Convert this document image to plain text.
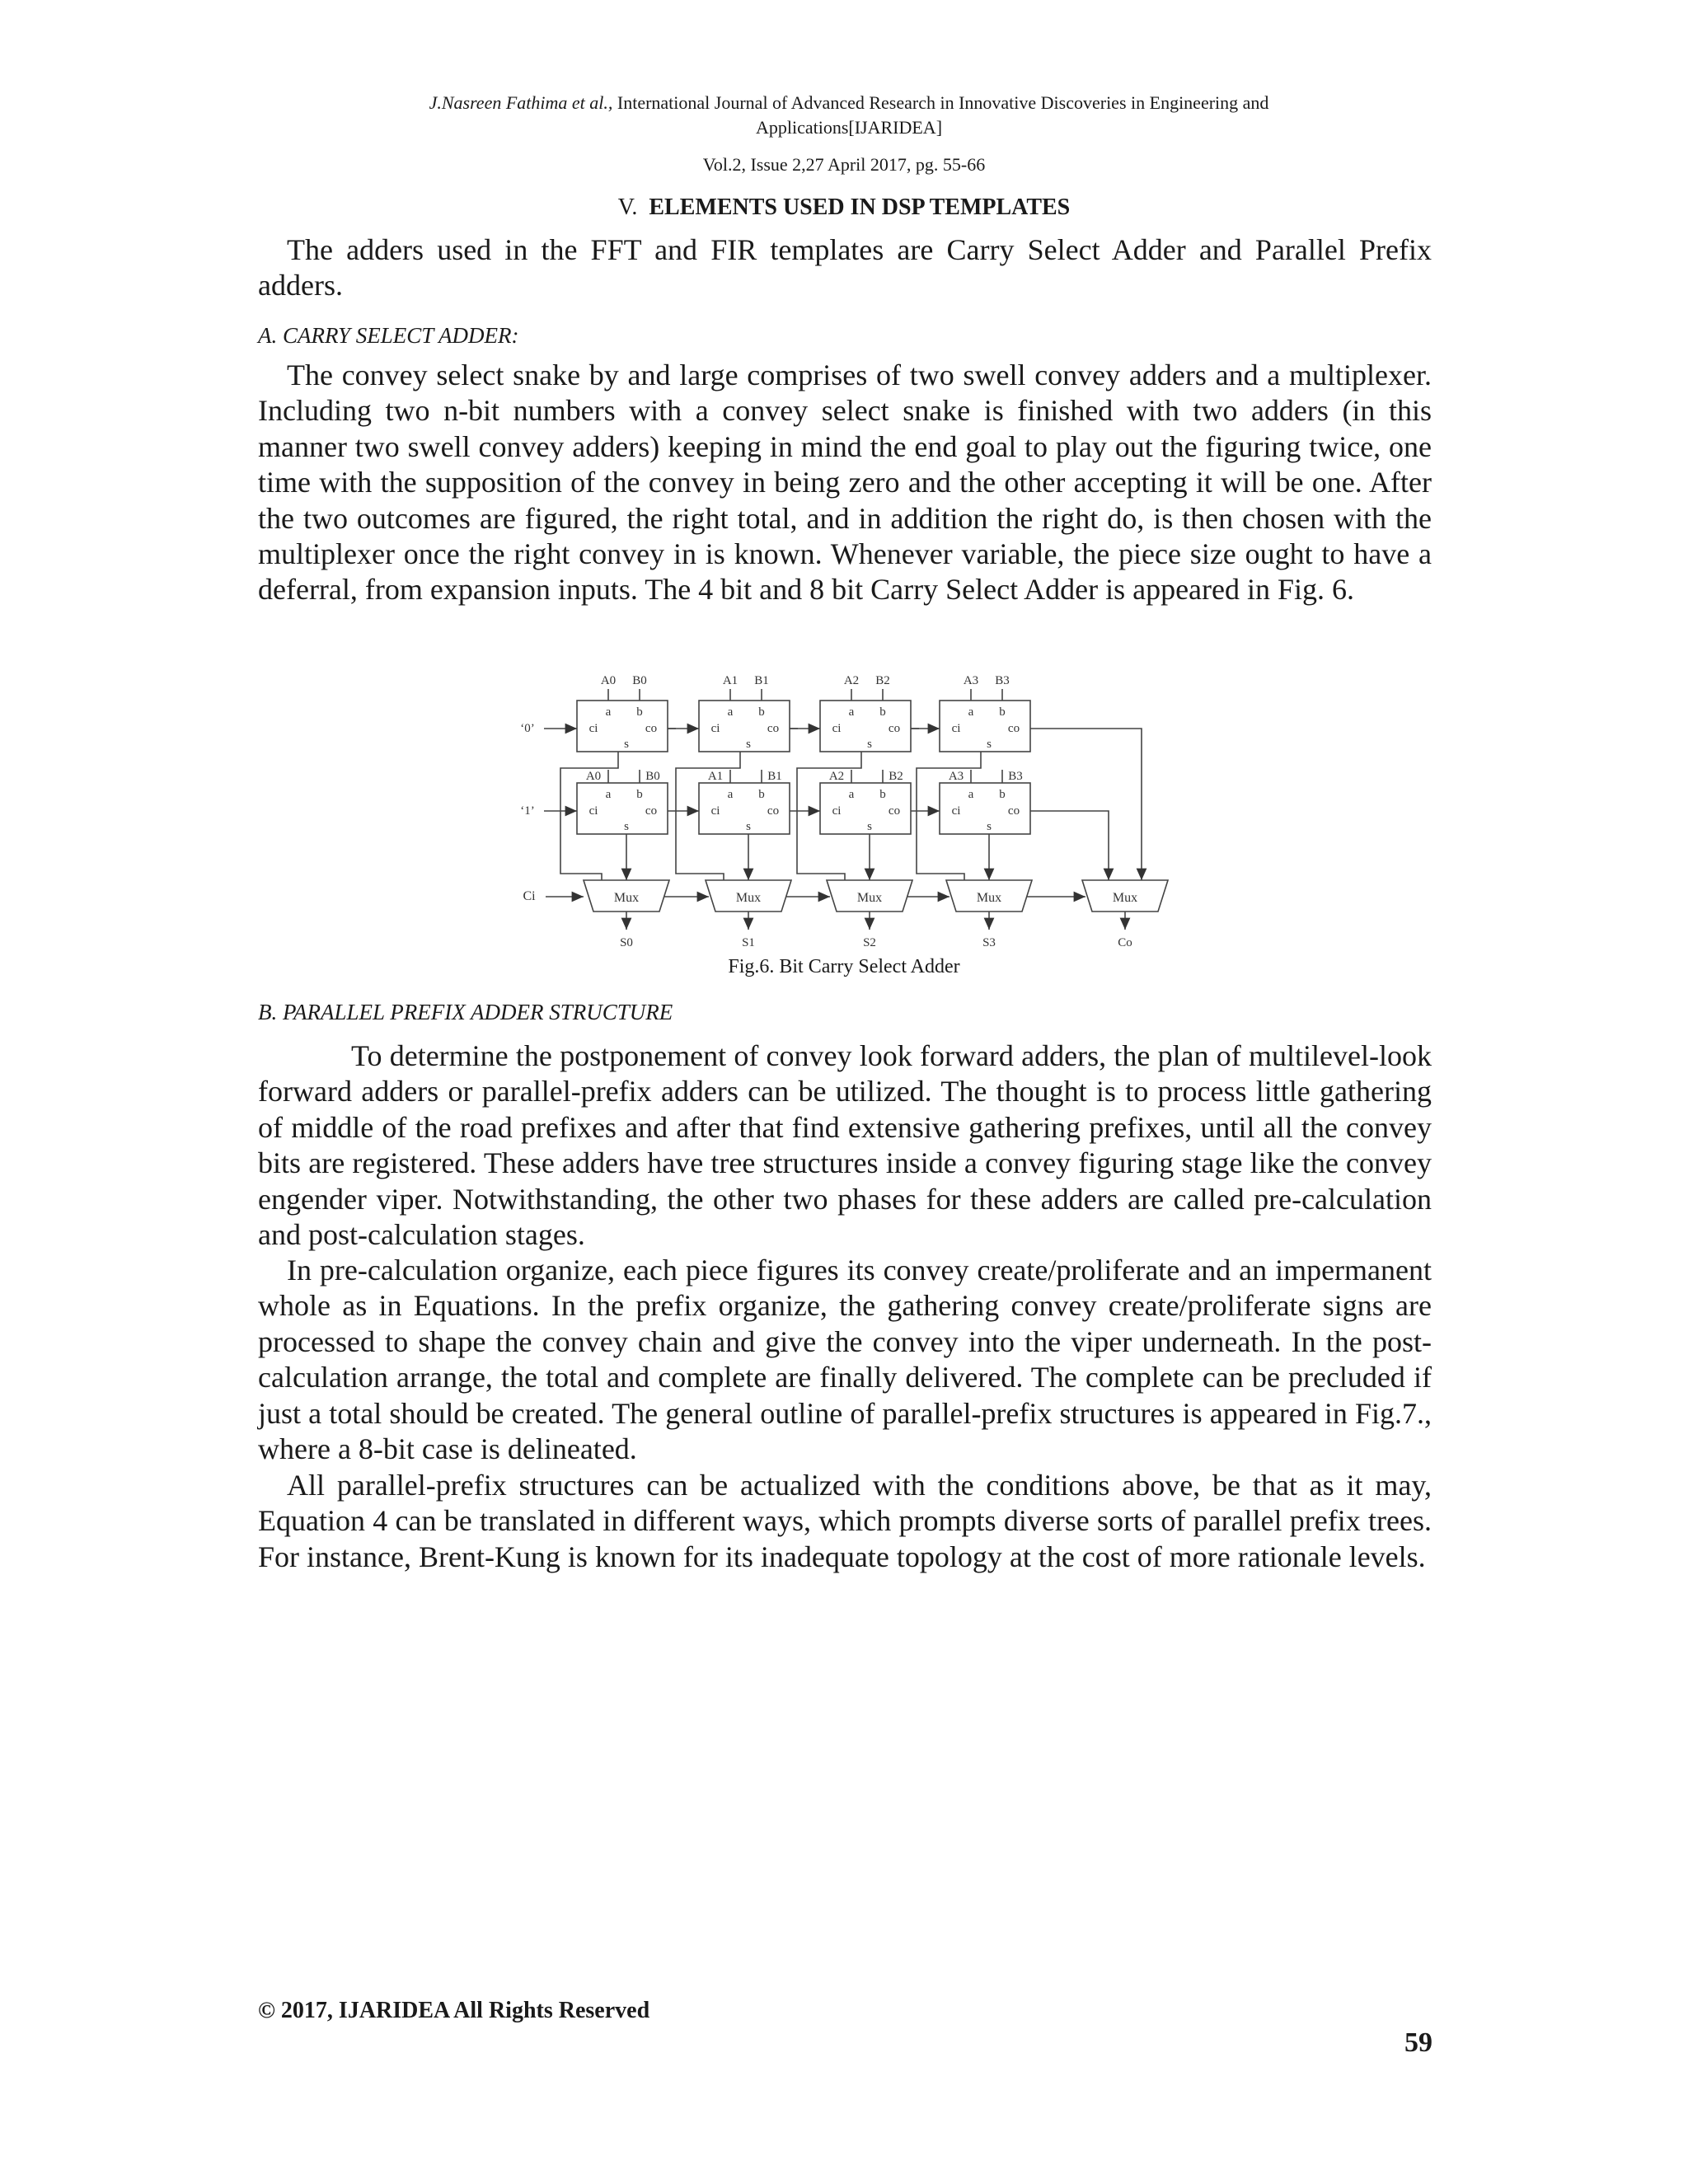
J.Nasreen Fathima et al., International Journal of Advanced Research in Innovative Discoveries in Engineering and
Applications[IJARIDEA]
Vol.2, Issue 2,27 April 2017, pg. 55-66
V. ELEMENTS USED IN DSP TEMPLATES

The adders used in the FFT and FIR templates are Carry Select Adder and Parallel Prefix adders.

A. CARRY SELECT ADDER:

The convey select snake by and large comprises of two swell convey adders and a multiplexer. Including two n-bit numbers with a convey select snake is finished with two adders (in this manner two swell convey adders) keeping in mind the end goal to play out the figuring twice, one time with the supposition of the convey in being zero and the other accepting it will be one. After the two outcomes are figured, the right total, and in addition the right do, is then chosen with the multiplexer once the right convey in is known. Whenever variable, the piece size ought to have a deferral, from expansion inputs. The 4 bit and 8 bit Carry Select Adder is appeared in Fig. 6.

A0 B0
a b
ci	co
s
a b
ci	co
s
A0	B0
Mux
S0
A1 B1
a b
ci	co
s
a b
ci	co
s
A1	B1
Mux
S1
A2 B2
a b
ci	co
s
a b
ci	co
s
A2	B2
Mux
S2
A3 B3
a b
ci	co
s
a b
ci	co
s
A3	B3
Mux
S3
‘0’
‘1’
Ci	Mux
Co
Fig.6. Bit Carry Select Adder
B. PARALLEL PREFIX ADDER STRUCTURE

To determine the postponement of convey look forward adders, the plan of multilevel-look forward adders or parallel-prefix adders can be utilized. The thought is to process little gathering of middle of the road prefixes and after that find extensive gathering prefixes, until all the convey bits are registered. These adders have tree structures inside a convey figuring stage like the convey engender viper. Notwithstanding, the other two phases for these adders are called pre-calculation and post-calculation stages.

In pre-calculation organize, each piece figures its convey create/proliferate and an impermanent whole as in Equations. In the prefix organize, the gathering convey create/proliferate signs are processed to shape the convey chain and give the convey into the viper underneath. In the post-calculation arrange, the total and complete are finally delivered. The complete can be precluded if just a total should be created. The general outline of parallel-prefix structures is appeared in Fig.7., where a 8-bit case is delineated.

All parallel-prefix structures can be actualized with the conditions above, be that as it may, Equation 4 can be translated in different ways, which prompts diverse sorts of parallel prefix trees. For instance, Brent-Kung is known for its inadequate topology at the cost of more rationale levels.

© 2017, IJARIDEA All Rights Reserved
59
